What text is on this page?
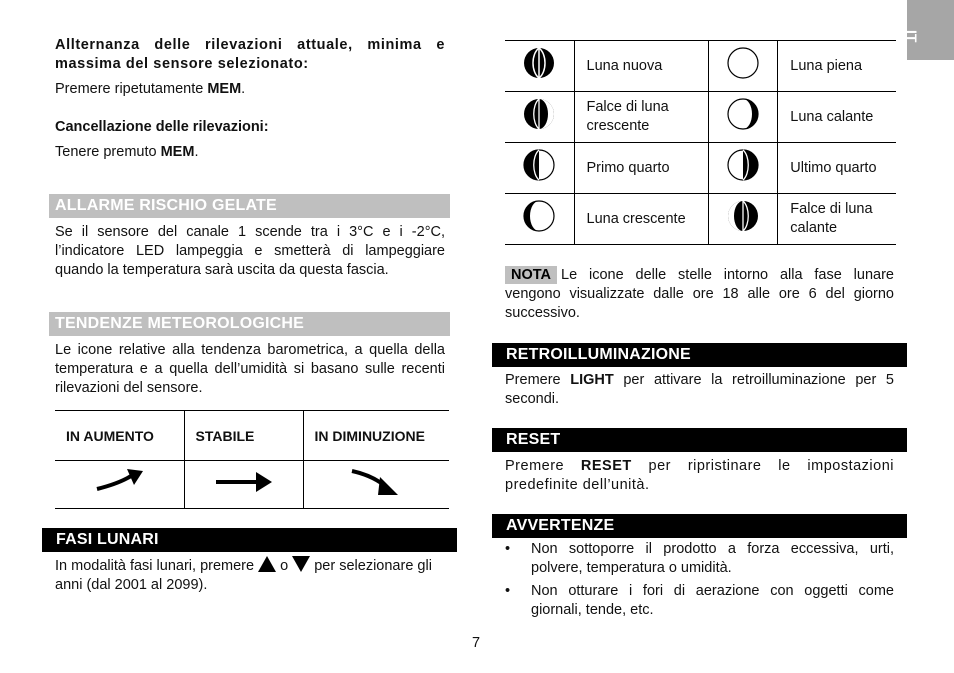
IT
Allternanza delle rilevazioni attuale, minima e massima del sensore selezionato:
Premere ripetutamente MEM.
Cancellazione delle rilevazioni:
Tenere premuto MEM.
ALLARME RISCHIO GELATE
Se il sensore del canale 1 scende tra i 3°C e i -2°C, l’indicatore LED lampeggia e smetterà di lampeggiare quando la temperatura sarà uscita da questa fascia.
TENDENZE METEOROLOGICHE
Le icone relative alla tendenza barometrica, a quella della temperatura e a quella dell’umidità si basano sulle recenti rilevazioni del sensore.
IN AUMENTO	STABILE	IN DIMINUZIONE

FASI LUNARI
In modalità fasi lunari, premere  o  per selezionare gli anni (dal 2001 al 2099).
7
	Luna nuova		Luna piena
	Falce di luna crescente		Luna calante
	Primo quarto		Ultimo quarto
	Luna crescente		Falce di luna calante
NOTA Le icone delle stelle intorno alla fase lunare vengono visualizzate dalle ore 18 alle ore 6 del giorno successivo.
RETROILLUMINAZIONE
Premere LIGHT per attivare la retroilluminazione per 5 secondi.
RESET
Premere RESET per ripristinare le impostazioni predefinite dell’unità.
AVVERTENZE
• Non sottoporre il prodotto a forza eccessiva, urti, polvere, temperatura o umidità.
• Non otturare i fori di aerazione con oggetti come giornali, tende, etc.
